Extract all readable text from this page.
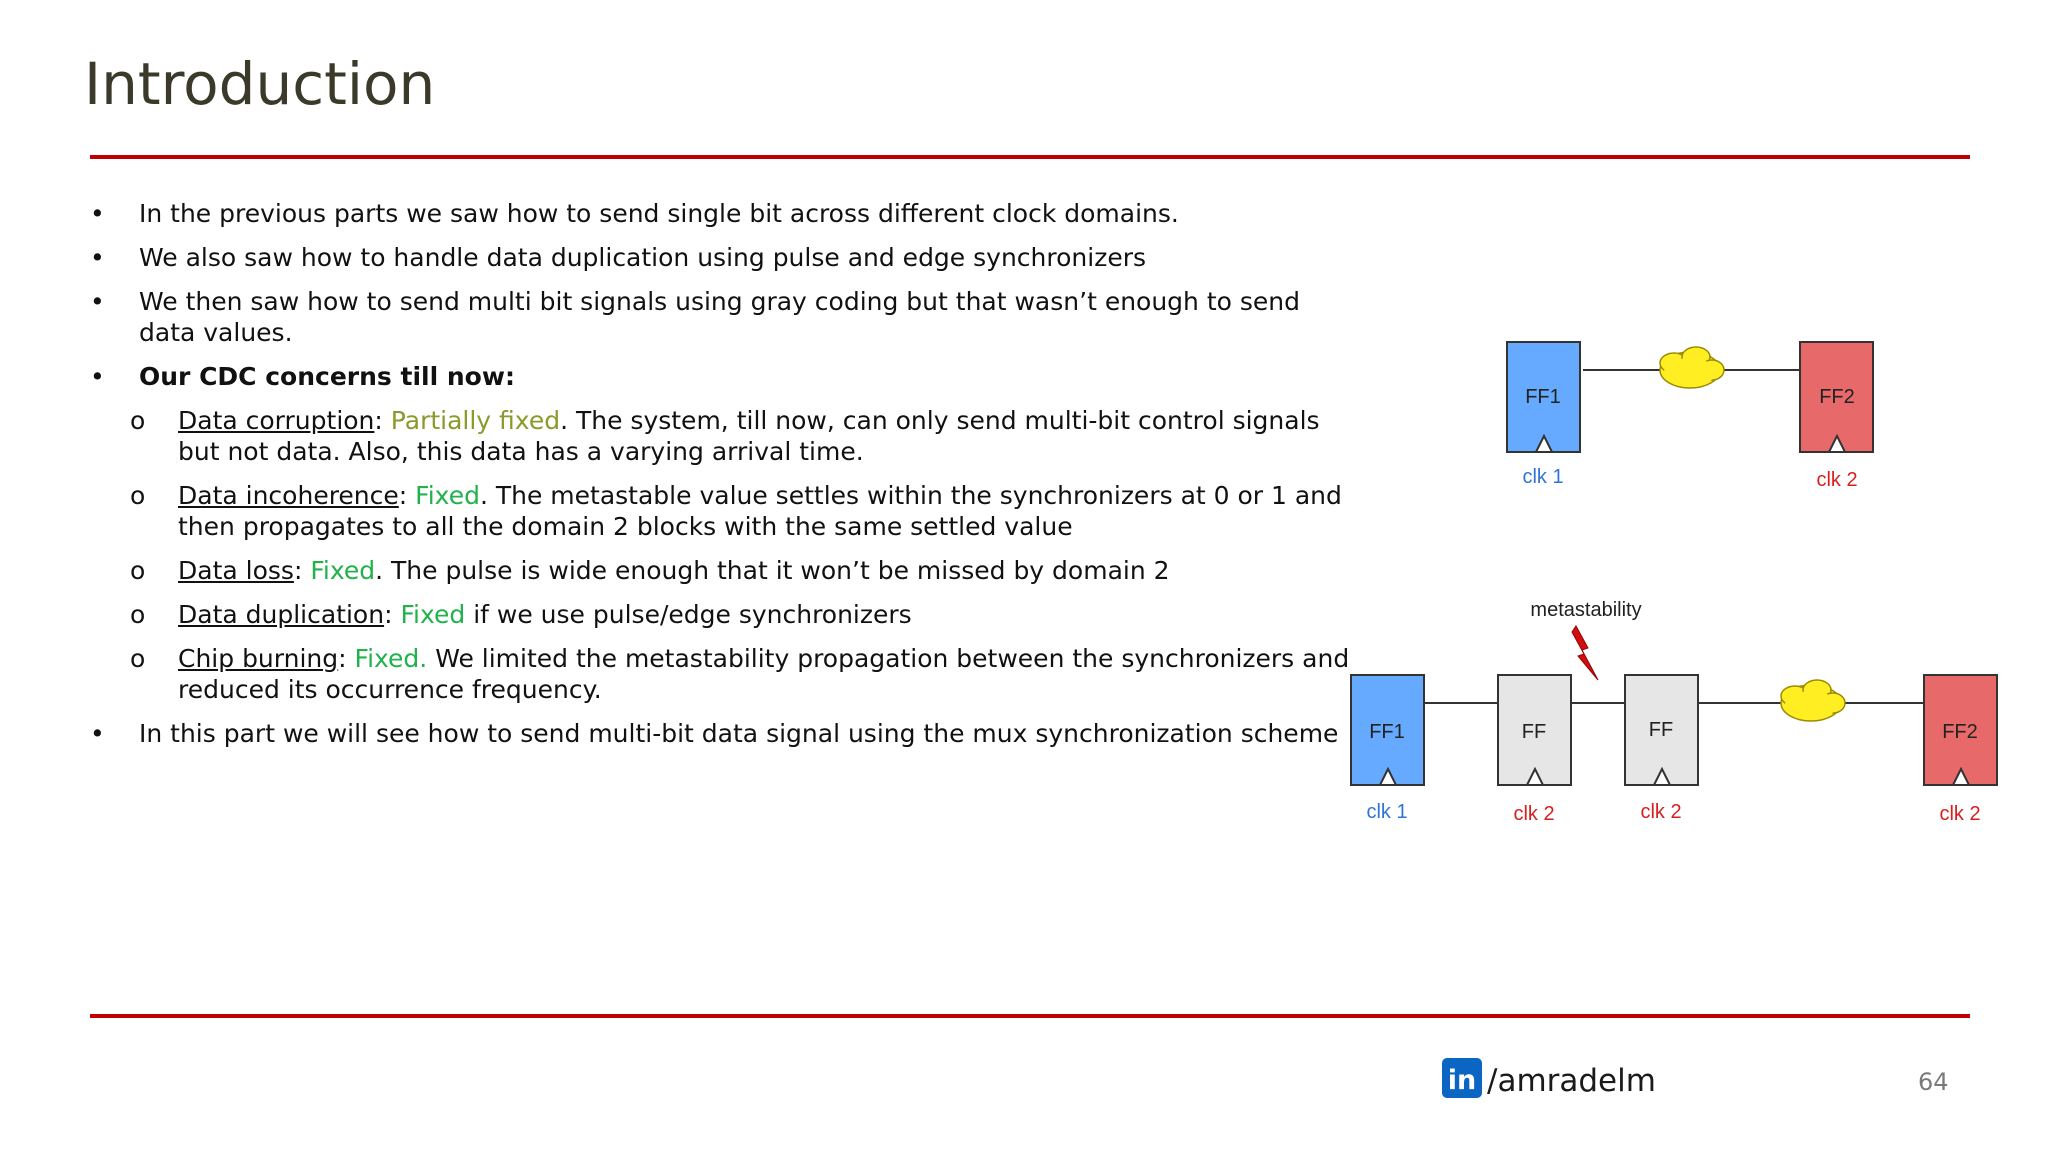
Introduction
• In the previous parts we saw how to send single bit across different clock domains.
• We also saw how to handle data duplication using pulse and edge synchronizers
• We then saw how to send multi bit signals using gray coding but that wasn’t enough to send data values.
• Our CDC concerns till now:
o Data corruption: Partially fixed. The system, till now, can only send multi-bit control signals but not data. Also, this data has a varying arrival time.
o Data incoherence: Fixed. The metastable value settles within the synchronizers at 0 or 1 and then propagates to all the domain 2 blocks with the same settled value
o Data loss: Fixed. The pulse is wide enough that it won’t be missed by domain 2
o Data duplication: Fixed if we use pulse/edge synchronizers
o Chip burning: Fixed. We limited the metastability propagation between the synchronizers and reduced its occurrence frequency.
• In this part we will see how to send multi-bit data signal using the mux synchronization scheme
FF1
clk 1
FF2
clk 2
metastability
FF1
clk 1
FF
clk 2
FF
clk 2
FF2
clk 2
in /amradelm	64
